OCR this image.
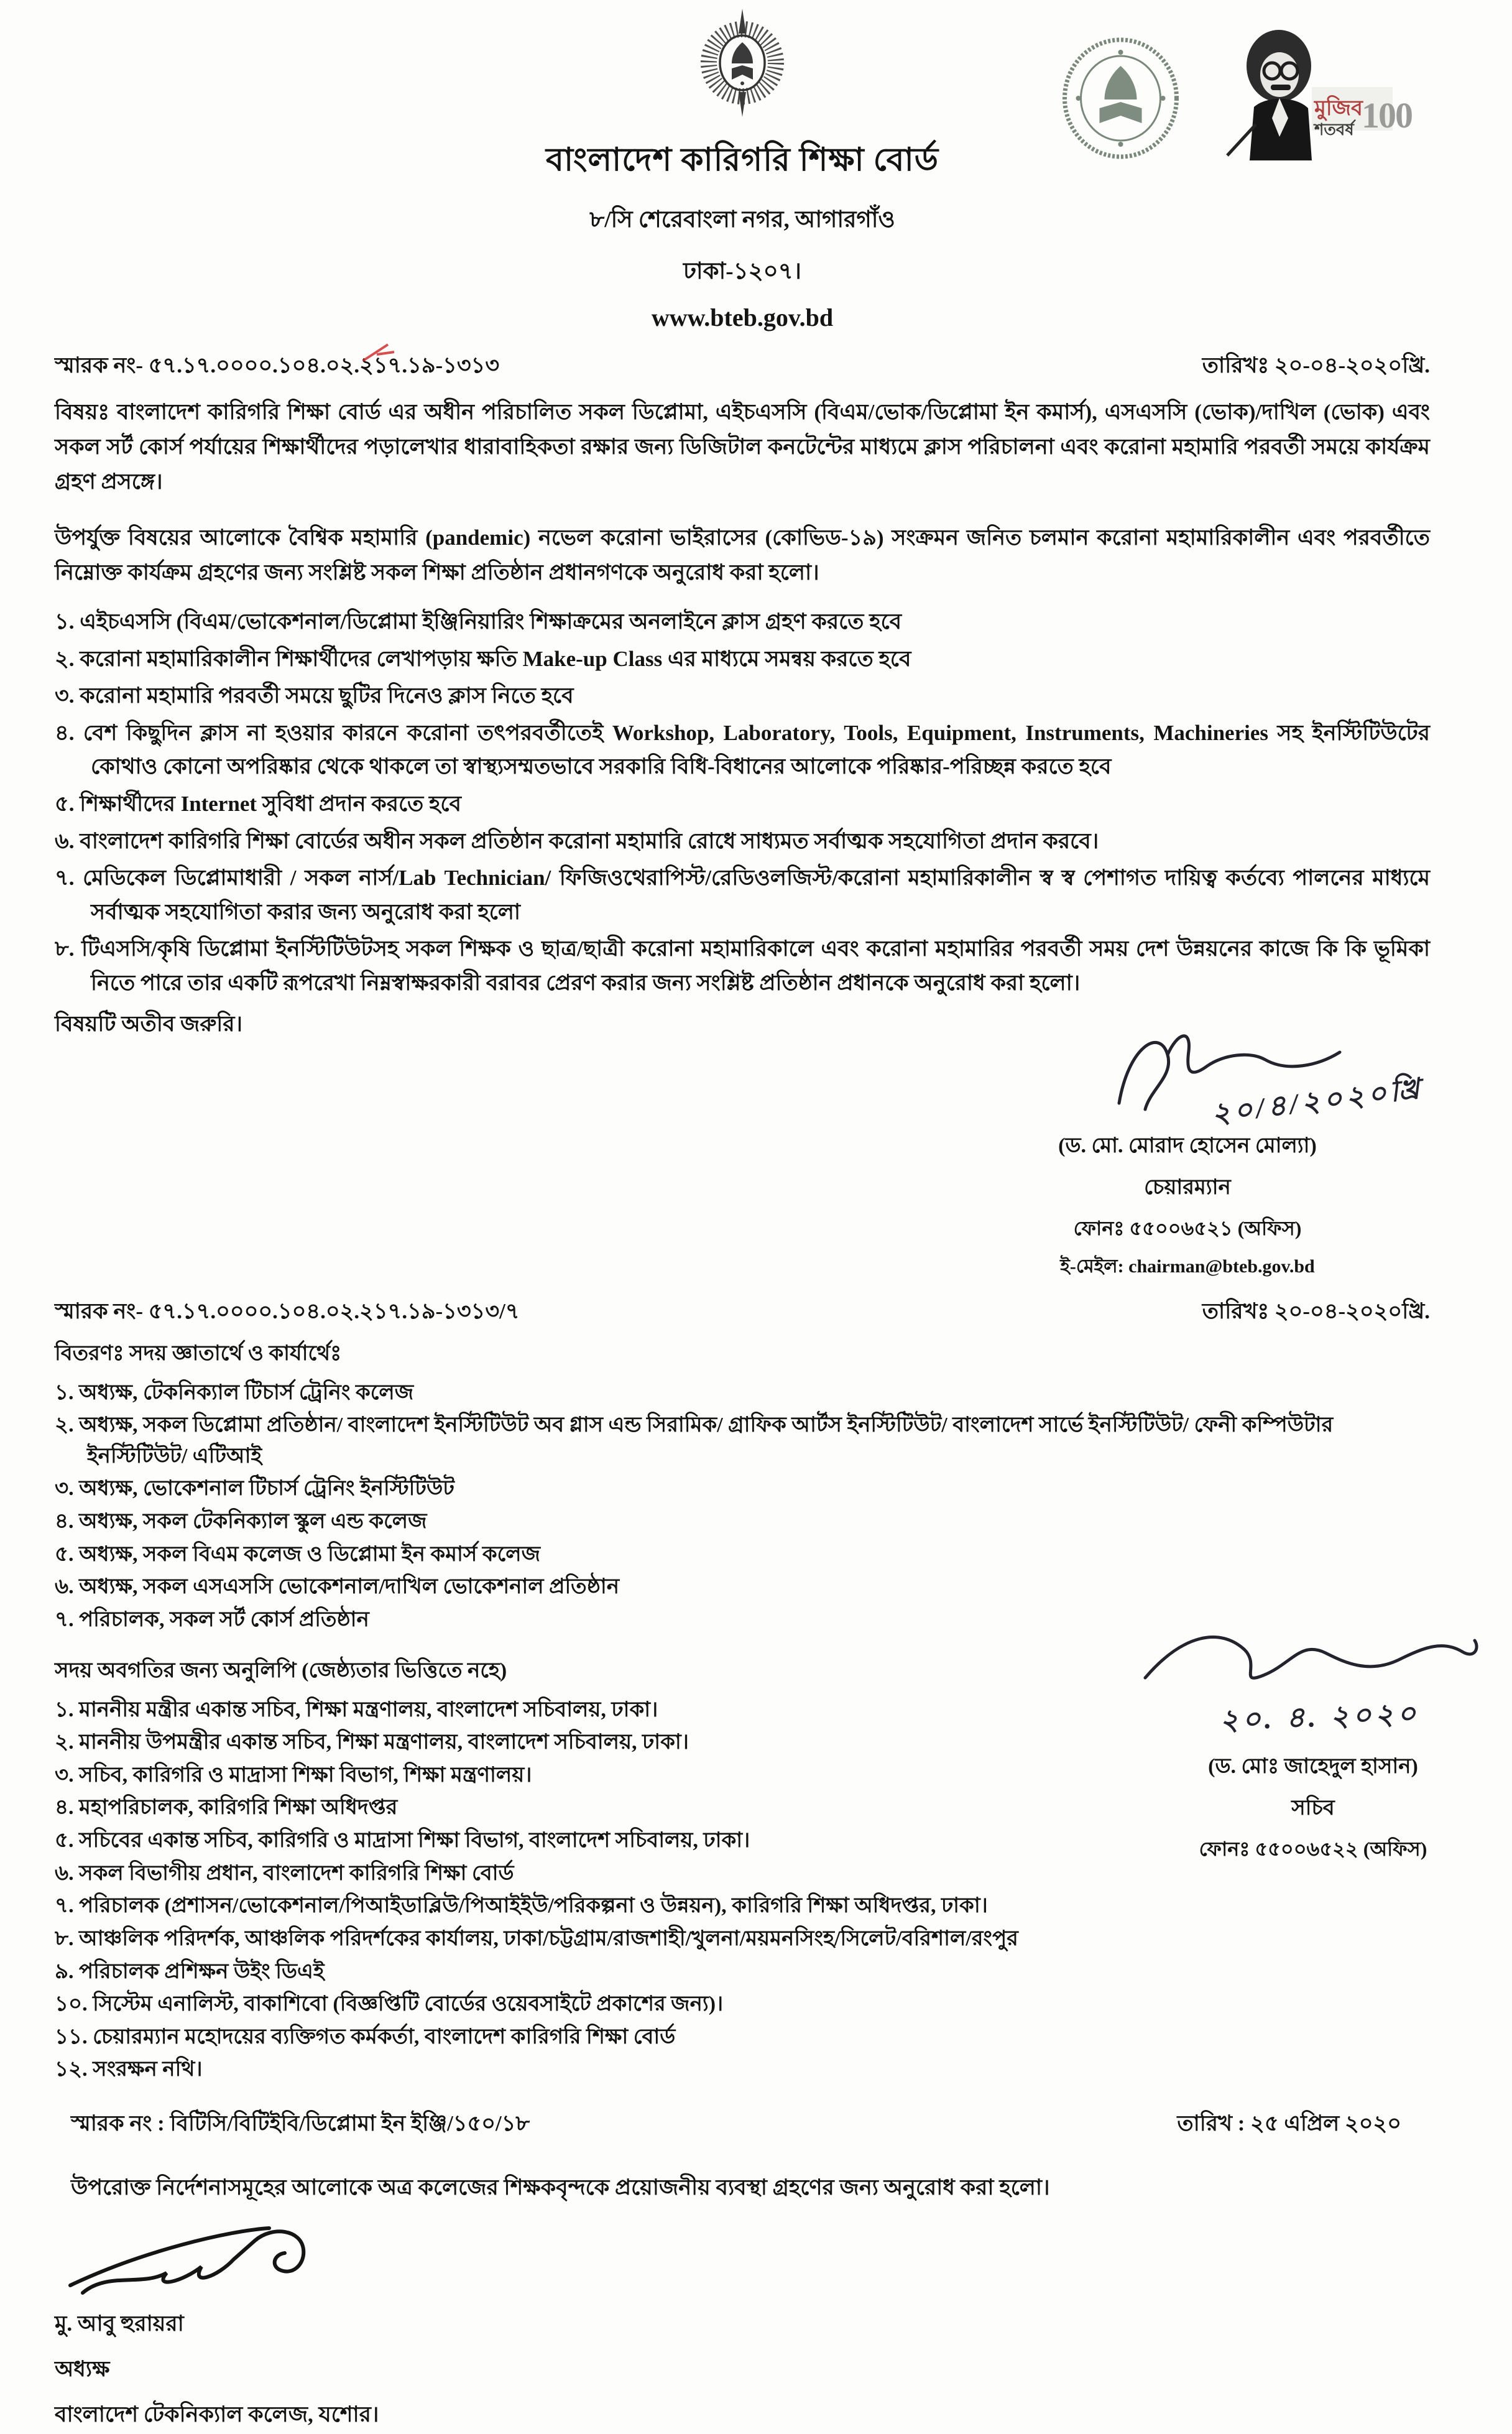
মুজিব
শতবর্ষ 100
বাংলাদেশ কারিগরি শিক্ষা বোর্ড
৮/সি শেরেবাংলা নগর, আগারগাঁও
ঢাকা-১২০৭।
www.bteb.gov.bd
স্মারক নং- ৫৭.১৭.০০০০.১০৪.০২.২১৭.১৯-১৩১৩	তারিখঃ ২০-০৪-২০২০খ্রি.

বিষয়ঃ বাংলাদেশ কারিগরি শিক্ষা বোর্ড এর অধীন পরিচালিত সকল ডিপ্লোমা, এইচএসসি (বিএম/ভোক/ডিপ্লোমা ইন কমার্স), এসএসসি (ভোক)/দাখিল (ভোক) এবং সকল সর্ট কোর্স পর্যায়ের শিক্ষার্থীদের পড়ালেখার ধারাবাহিকতা রক্ষার জন্য ডিজিটাল কনটেন্টের মাধ্যমে ক্লাস পরিচালনা এবং করোনা মহামারি পরবর্তী সময়ে কার্যক্রম গ্রহণ প্রসঙ্গে।

উপর্যুক্ত বিষয়ের আলোকে বৈশ্বিক মহামারি (pandemic) নভেল করোনা ভাইরাসের (কোভিড-১৯) সংক্রমন জনিত চলমান করোনা মহামারিকালীন এবং পরবর্তীতে নিম্নোক্ত কার্যক্রম গ্রহণের জন্য সংশ্লিষ্ট সকল শিক্ষা প্রতিষ্ঠান প্রধানগণকে অনুরোধ করা হলো।

১. এইচএসসি (বিএম/ভোকেশনাল/ডিপ্লোমা ইঞ্জিনিয়ারিং শিক্ষাক্রমের অনলাইনে ক্লাস গ্রহণ করতে হবে
২. করোনা মহামারিকালীন শিক্ষার্থীদের লেখাপড়ায় ক্ষতি Make-up Class এর মাধ্যমে সমন্বয় করতে হবে
৩. করোনা মহামারি পরবর্তী সময়ে ছুটির দিনেও ক্লাস নিতে হবে
৪. বেশ কিছুদিন ক্লাস না হওয়ার কারনে করোনা তৎপরবর্তীতেই Workshop, Laboratory, Tools, Equipment, Instruments, Machineries সহ ইনস্টিটিউটের কোথাও কোনো অপরিষ্কার থেকে থাকলে তা স্বাস্থ্যসম্মতভাবে সরকারি বিধি-বিধানের আলোকে পরিষ্কার-পরিচ্ছন্ন করতে হবে
৫. শিক্ষার্থীদের Internet সুবিধা প্রদান করতে হবে
৬. বাংলাদেশ কারিগরি শিক্ষা বোর্ডের অধীন সকল প্রতিষ্ঠান করোনা মহামারি রোধে সাধ্যমত সর্বাত্মক সহযোগিতা প্রদান করবে।
৭. মেডিকেল ডিপ্লোমাধারী / সকল নার্স/Lab Technician/ ফিজিওথেরাপিস্ট/রেডিওলজিস্ট/করোনা মহামারিকালীন স্ব স্ব পেশাগত দায়িত্ব কর্তব্যে পালনের মাধ্যমে সর্বাত্মক সহযোগিতা করার জন্য অনুরোধ করা হলো
৮. টিএসসি/কৃষি ডিপ্লোমা ইনস্টিটিউটসহ সকল শিক্ষক ও ছাত্র/ছাত্রী করোনা মহামারিকালে এবং করোনা মহামারির পরবর্তী সময় দেশ উন্নয়নের কাজে কি কি ভূমিকা নিতে পারে তার একটি রূপরেখা নিম্নস্বাক্ষরকারী বরাবর প্রেরণ করার জন্য সংশ্লিষ্ট প্রতিষ্ঠান প্রধানকে অনুরোধ করা হলো।

বিষয়টি অতীব জরুরি।

২০/৪/২০২০খ্রি
(ড. মো. মোরাদ হোসেন মোল্যা)
চেয়ারম্যান
ফোনঃ ৫৫০০৬৫২১ (অফিস)
ই-মেইল: chairman@bteb.gov.bd
স্মারক নং- ৫৭.১৭.০০০০.১০৪.০২.২১৭.১৯-১৩১৩/৭	তারিখঃ ২০-০৪-২০২০খ্রি.

বিতরণঃ সদয় জ্ঞাতার্থে ও কার্যার্থেঃ

১. অধ্যক্ষ, টেকনিক্যাল টিচার্স ট্রেনিং কলেজ
২. অধ্যক্ষ, সকল ডিপ্লোমা প্রতিষ্ঠান/ বাংলাদেশ ইনস্টিটিউট অব গ্লাস এন্ড সিরামিক/ গ্রাফিক আর্টস ইনস্টিটিউট/ বাংলাদেশ সার্ভে ইনস্টিটিউট/ ফেনী কম্পিউটার ইনস্টিটিউট/ এটিআই
৩. অধ্যক্ষ, ভোকেশনাল টিচার্স ট্রেনিং ইনস্টিটিউট
৪. অধ্যক্ষ, সকল টেকনিক্যাল স্কুল এন্ড কলেজ
৫. অধ্যক্ষ, সকল বিএম কলেজ ও ডিপ্লোমা ইন কমার্স কলেজ
৬. অধ্যক্ষ, সকল এসএসসি ভোকেশনাল/দাখিল ভোকেশনাল প্রতিষ্ঠান
৭. পরিচালক, সকল সর্ট কোর্স প্রতিষ্ঠান

সদয় অবগতির জন্য অনুলিপি (জেষ্ঠ্যতার ভিত্তিতে নহে)

১. মাননীয় মন্ত্রীর একান্ত সচিব, শিক্ষা মন্ত্রণালয়, বাংলাদেশ সচিবালয়, ঢাকা।
২. মাননীয় উপমন্ত্রীর একান্ত সচিব, শিক্ষা মন্ত্রণালয়, বাংলাদেশ সচিবালয়, ঢাকা।
৩. সচিব, কারিগরি ও মাদ্রাসা শিক্ষা বিভাগ, শিক্ষা মন্ত্রণালয়।
৪. মহাপরিচালক, কারিগরি শিক্ষা অধিদপ্তর
৫. সচিবের একান্ত সচিব, কারিগরি ও মাদ্রাসা শিক্ষা বিভাগ, বাংলাদেশ সচিবালয়, ঢাকা।
৬. সকল বিভাগীয় প্রধান, বাংলাদেশ কারিগরি শিক্ষা বোর্ড
৭. পরিচালক (প্রশাসন/ভোকেশনাল/পিআইডাব্লিউ/পিআইইউ/পরিকল্পনা ও উন্নয়ন), কারিগরি শিক্ষা অধিদপ্তর, ঢাকা।
৮. আঞ্চলিক পরিদর্শক, আঞ্চলিক পরিদর্শকের কার্যালয়, ঢাকা/চট্টগ্রাম/রাজশাহী/খুলনা/ময়মনসিংহ/সিলেট/বরিশাল/রংপুর
৯. পরিচালক প্রশিক্ষন উইং ডিএই
১০. সিস্টেম এনালিস্ট, বাকাশিবো (বিজ্ঞপ্তিটি বোর্ডের ওয়েবসাইটে প্রকাশের জন্য)।
১১. চেয়ারম্যান মহোদয়ের ব্যক্তিগত কর্মকর্তা, বাংলাদেশ কারিগরি শিক্ষা বোর্ড
১২. সংরক্ষন নথি।
২০. ৪. ২০২০
(ড. মোঃ জাহেদুল হাসান)
সচিব
ফোনঃ ৫৫০০৬৫২২ (অফিস)
স্মারক নং : বিটিসি/বিটিইবি/ডিপ্লোমা ইন ইঞ্জি/১৫০/১৮	তারিখ : ২৫ এপ্রিল ২০২০

উপরোক্ত নির্দেশনাসমূহের আলোকে অত্র কলেজের শিক্ষকবৃন্দকে প্রয়োজনীয় ব্যবস্থা গ্রহণের জন্য অনুরোধ করা হলো।

মু. আবু হুরায়রা
অধ্যক্ষ
বাংলাদেশ টেকনিক্যাল কলেজ, যশোর।
